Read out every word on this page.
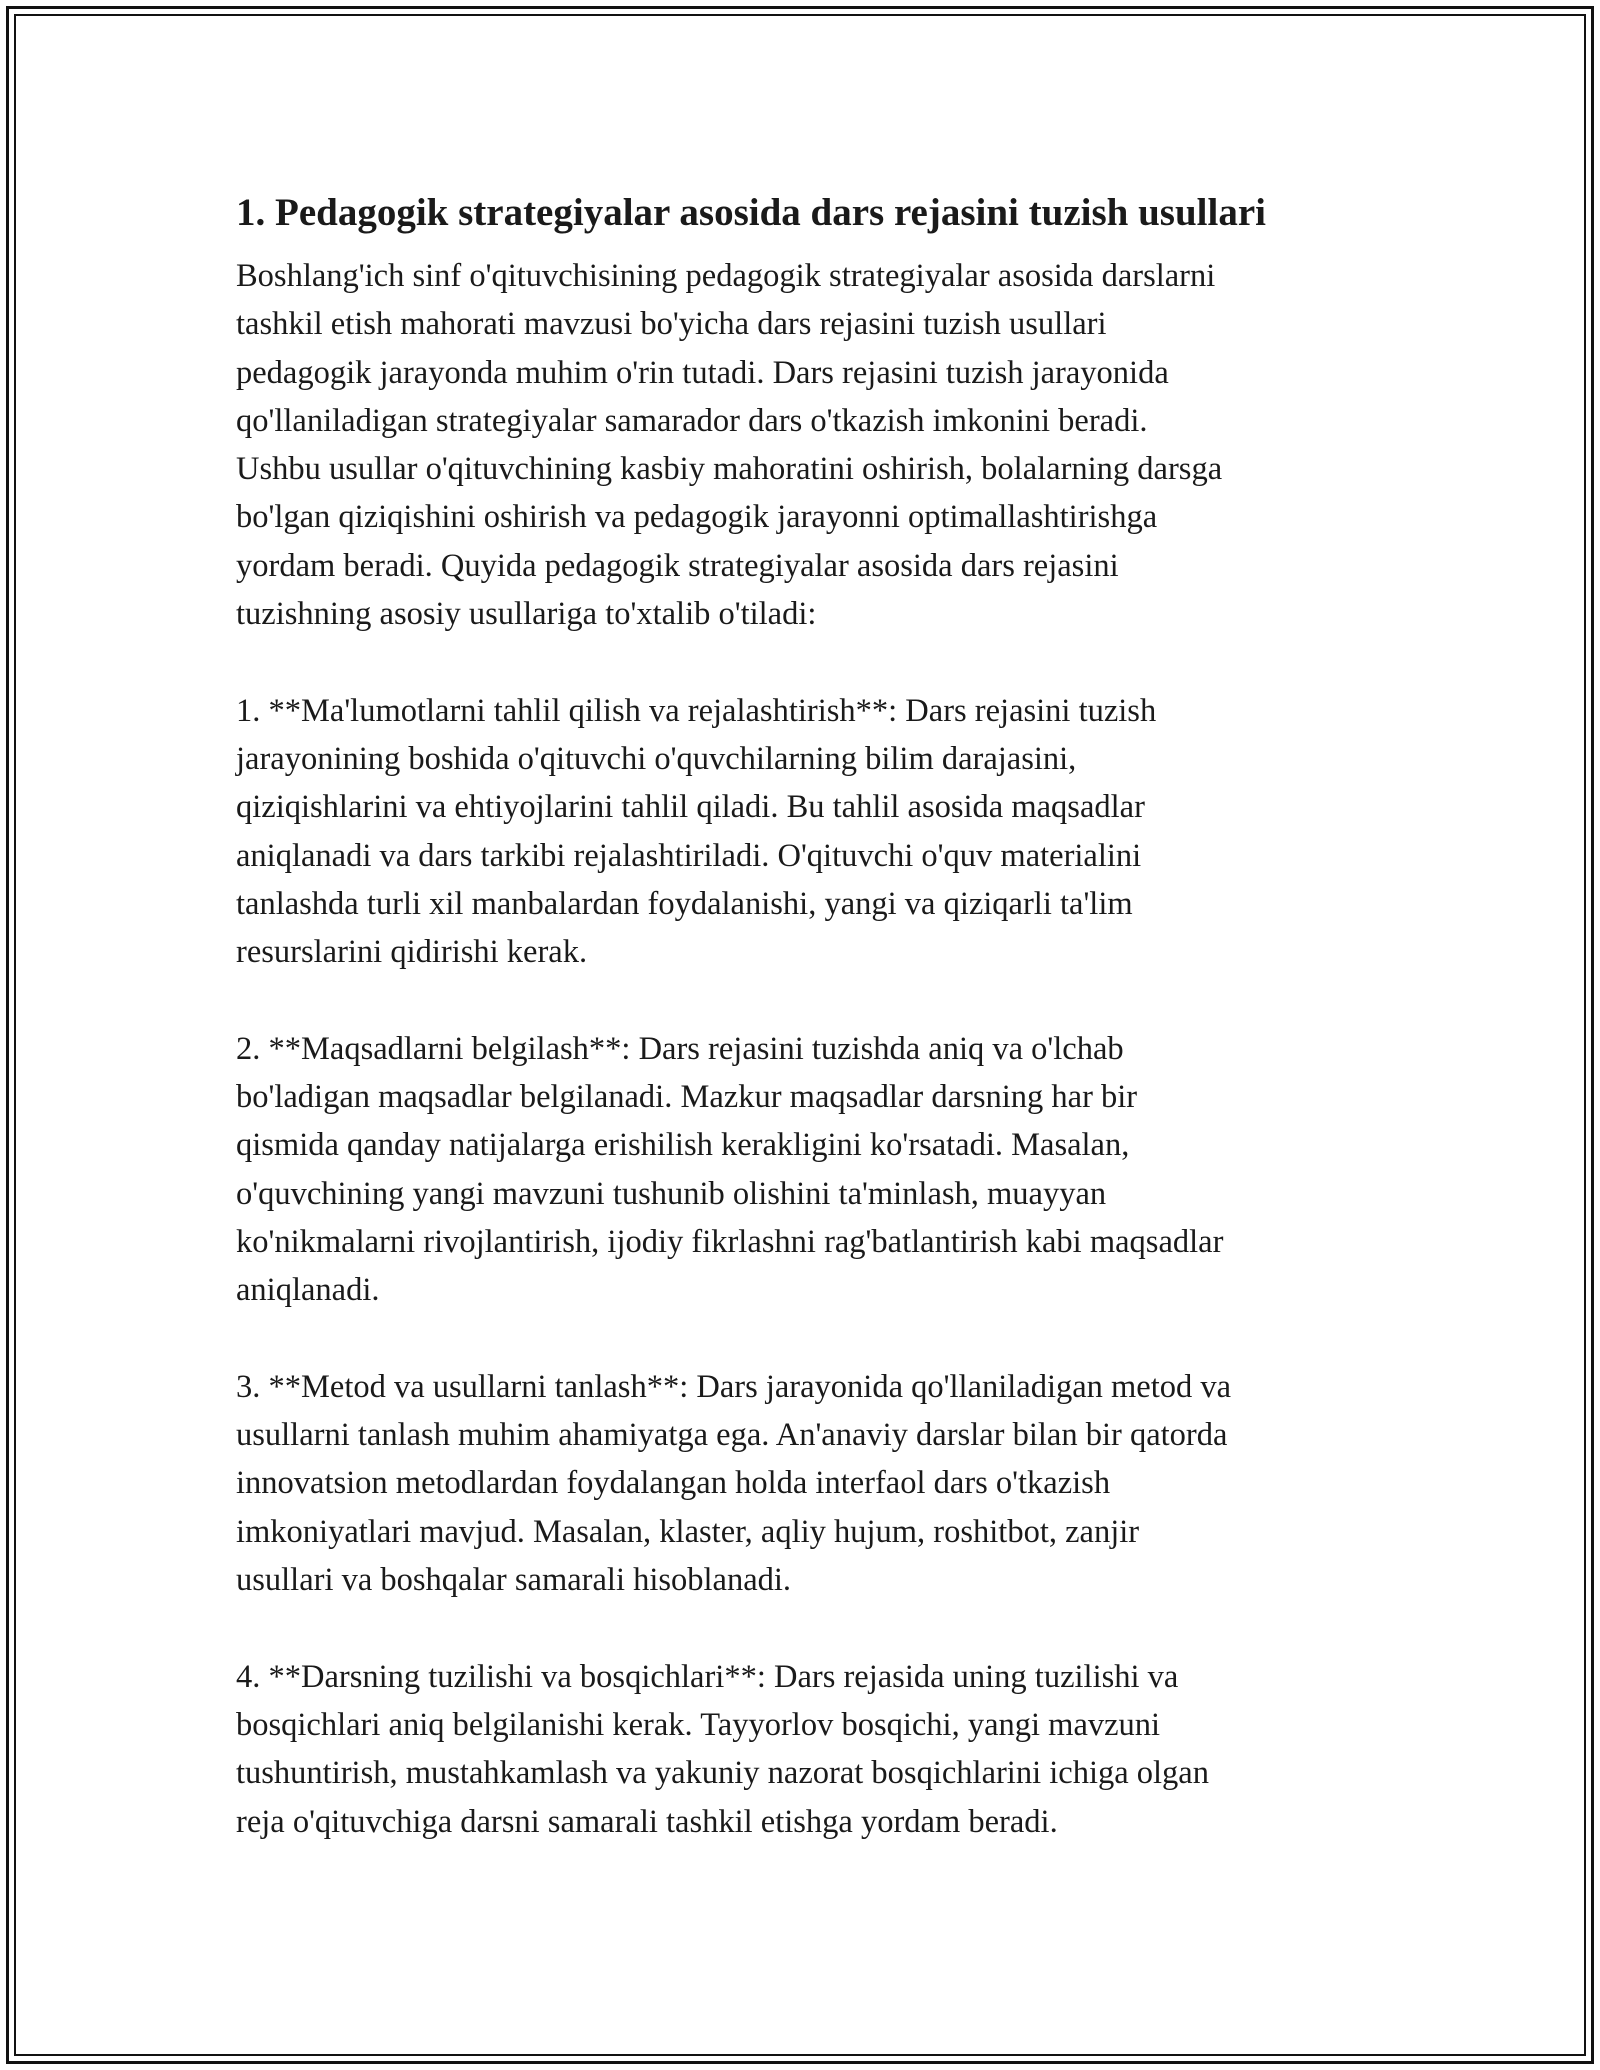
1. Pedagogik strategiyalar asosida dars rejasini tuzish usullari

Boshlang'ich sinf o'qituvchisining pedagogik strategiyalar asosida darslarni
tashkil etish mahorati mavzusi bo'yicha dars rejasini tuzish usullari
pedagogik jarayonda muhim o'rin tutadi. Dars rejasini tuzish jarayonida
qo'llaniladigan strategiyalar samarador dars o'tkazish imkonini beradi.
Ushbu usullar o'qituvchining kasbiy mahoratini oshirish, bolalarning darsga
bo'lgan qiziqishini oshirish va pedagogik jarayonni optimallashtirishga
yordam beradi. Quyida pedagogik strategiyalar asosida dars rejasini
tuzishning asosiy usullariga to'xtalib o'tiladi:

1. **Ma'lumotlarni tahlil qilish va rejalashtirish**: Dars rejasini tuzish
jarayonining boshida o'qituvchi o'quvchilarning bilim darajasini,
qiziqishlarini va ehtiyojlarini tahlil qiladi. Bu tahlil asosida maqsadlar
aniqlanadi va dars tarkibi rejalashtiriladi. O'qituvchi o'quv materialini
tanlashda turli xil manbalardan foydalanishi, yangi va qiziqarli ta'lim
resurslarini qidirishi kerak.

2. **Maqsadlarni belgilash**: Dars rejasini tuzishda aniq va o'lchab
bo'ladigan maqsadlar belgilanadi. Mazkur maqsadlar darsning har bir
qismida qanday natijalarga erishilish kerakligini ko'rsatadi. Masalan,
o'quvchining yangi mavzuni tushunib olishini ta'minlash, muayyan
ko'nikmalarni rivojlantirish, ijodiy fikrlashni rag'batlantirish kabi maqsadlar
aniqlanadi.

3. **Metod va usullarni tanlash**: Dars jarayonida qo'llaniladigan metod va
usullarni tanlash muhim ahamiyatga ega. An'anaviy darslar bilan bir qatorda
innovatsion metodlardan foydalangan holda interfaol dars o'tkazish
imkoniyatlari mavjud. Masalan, klaster, aqliy hujum, roshitbot, zanjir
usullari va boshqalar samarali hisoblanadi.

4. **Darsning tuzilishi va bosqichlari**: Dars rejasida uning tuzilishi va
bosqichlari aniq belgilanishi kerak. Tayyorlov bosqichi, yangi mavzuni
tushuntirish, mustahkamlash va yakuniy nazorat bosqichlarini ichiga olgan
reja o'qituvchiga darsni samarali tashkil etishga yordam beradi.
